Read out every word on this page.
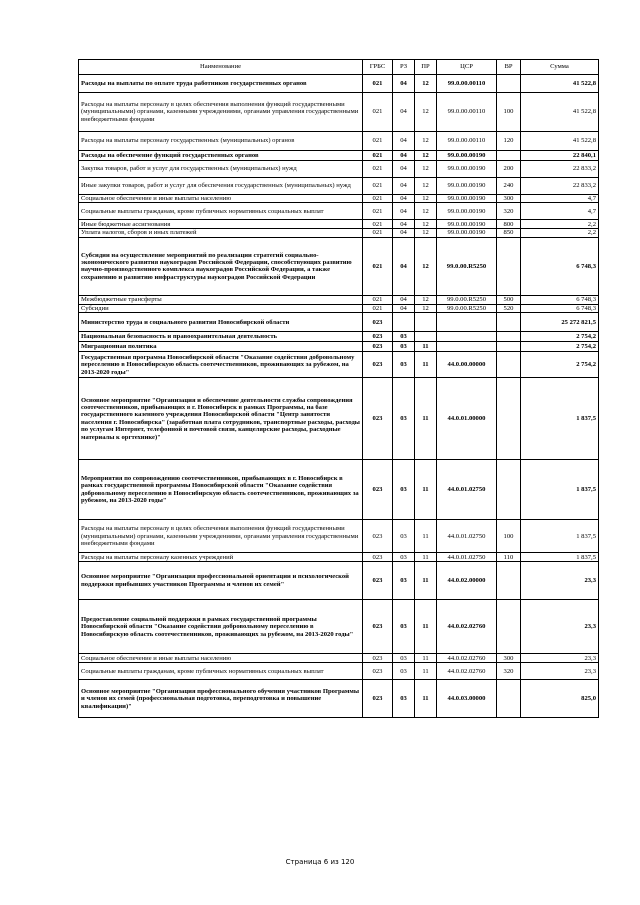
Наименование	ГРБС	РЗ	ПР	ЦСР	ВР	Сумма
Расходы на выплаты по оплате труда работников государственных органов	021	04	12	99.0.00.00110		41 522,8
Расходы на выплаты персоналу в целях обеспечения выполнения функций государственными (муниципальными) органами, казенными учреждениями, органами управления государственными внебюджетными фондами	021	04	12	99.0.00.00110	100	41 522,8
Расходы на выплаты персоналу государственных (муниципальных) органов	021	04	12	99.0.00.00110	120	41 522,8
Расходы на обеспечение функций государственных органов	021	04	12	99.0.00.00190		22 840,1
Закупка товаров, работ и услуг для государственных (муниципальных) нужд	021	04	12	99.0.00.00190	200	22 833,2
Иные закупки товаров, работ и услуг для обеспечения государственных (муниципальных) нужд	021	04	12	99.0.00.00190	240	22 833,2
Социальное обеспечение и иные выплаты населению	021	04	12	99.0.00.00190	300	4,7
Социальные выплаты гражданам, кроме публичных нормативных социальных выплат	021	04	12	99.0.00.00190	320	4,7
Иные бюджетные ассигнования	021	04	12	99.0.00.00190	800	2,2
Уплата налогов, сборов и иных платежей	021	04	12	99.0.00.00190	850	2,2
Субсидии на осуществление мероприятий по реализации стратегий социально-экономического развития наукоградов Российской Федерации, способствующих развитию научно-производственного комплекса наукоградов Российской Федерации, а также сохранению и развитию инфраструктуры наукоградов Российской Федерации	021	04	12	99.0.00.R5250		6 748,3
Межбюджетные трансферты	021	04	12	99.0.00.R5250	500	6 748,3
Субсидии	021	04	12	99.0.00.R5250	520	6 748,3
Министерство труда и социального развития Новосибирской области	023					25 272 821,5
Национальная безопасность и правоохранительная деятельность	023	03				2 754,2
Миграционная политика	023	03	11			2 754,2
Государственная программа Новосибирской области "Оказание содействия добровольному переселению в Новосибирскую область соотечественников, проживающих за рубежом, на 2013-2020 годы"	023	03	11	44.0.00.00000		2 754,2
Основное мероприятие "Организация и обеспечение деятельности службы сопровождения соотечественников, прибывающих в г. Новосибирск в рамках Программы, на базе государственного казенного учреждения Новосибирской области "Центр занятости населения г. Новосибирска" (заработная плата сотрудников, транспортные расходы, расходы по услугам Интернет, телефонной и почтовой связи, канцелярские расходы, расходные материалы к оргтехнике)"	023	03	11	44.0.01.00000		1 837,5
Мероприятия по сопровождению соотечественников, прибывающих в г. Новосибирск в рамках государственной программы Новосибирской области "Оказание содействия добровольному переселению в Новосибирскую область соотечественников, проживающих за рубежом, на 2013-2020 годы"	023	03	11	44.0.01.02750		1 837,5
Расходы на выплаты персоналу в целях обеспечения выполнения функций государственными (муниципальными) органами, казенными учреждениями, органами управления государственными внебюджетными фондами	023	03	11	44.0.01.02750	100	1 837,5
Расходы на выплаты персоналу казенных учреждений	023	03	11	44.0.01.02750	110	1 837,5
Основное мероприятие "Организация профессиональной ориентации и психологической поддержки прибывших участников Программы и членов их семей"	023	03	11	44.0.02.00000		23,3
Предоставление социальной поддержки в рамках государственной программы Новосибирской области "Оказание содействия добровольному переселению в Новосибирскую область соотечественников, проживающих за рубежом, на 2013-2020 годы"	023	03	11	44.0.02.02760		23,3
Социальное обеспечение и иные выплаты населению	023	03	11	44.0.02.02760	300	23,3
Социальные выплаты гражданам, кроме публичных нормативных социальных выплат	023	03	11	44.0.02.02760	320	23,3
Основное мероприятие "Организация профессионального обучения участников Программы и членов их семей (профессиональная подготовка, переподготовка и повышение квалификации)"	023	03	11	44.0.03.00000		825,0
Страница 6 из 120
